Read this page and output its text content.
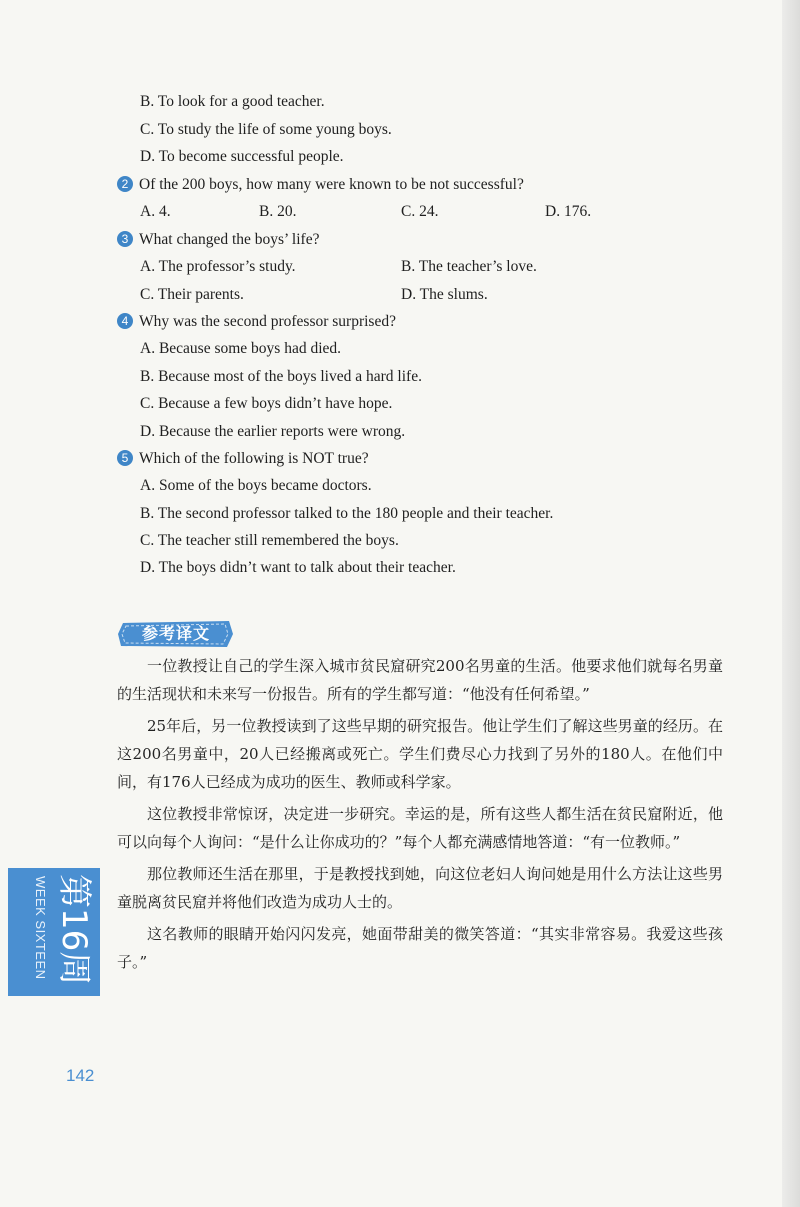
B. To look for a good teacher.
C. To study the life of some young boys.
D. To become successful people.
2 Of the 200 boys, how many were known to be not successful?
A. 4.	B. 20.	C. 24.	D. 176.
3 What changed the boys’ life?
A. The professor’s study.	B. The teacher’s love.
C. Their parents.	D. The slums.
4 Why was the second professor surprised?
A. Because some boys had died.
B. Because most of the boys lived a hard life.
C. Because a few boys didn’t have hope.
D. Because the earlier reports were wrong.
5 Which of the following is NOT true?
A. Some of the boys became doctors.
B. The second professor talked to the 180 people and their teacher.
C. The teacher still remembered the boys.
D. The boys didn’t want to talk about their teacher.
参考译文

一位教授让自己的学生深入城市贫民窟研究200名男童的生活。他要求他们就每名男童的生活现状和未来写一份报告。所有的学生都写道：“他没有任何希望。”

25年后，另一位教授读到了这些早期的研究报告。他让学生们了解这些男童的经历。在这200名男童中，20人已经搬离或死亡。学生们费尽心力找到了另外的180人。在他们中间，有176人已经成为成功的医生、教师或科学家。

这位教授非常惊讶，决定进一步研究。幸运的是，所有这些人都生活在贫民窟附近，他可以向每个人询问：“是什么让你成功的？”每个人都充满感情地答道：“有一位教师。”

那位教师还生活在那里，于是教授找到她，向这位老妇人询问她是用什么方法让这些男童脱离贫民窟并将他们改造为成功人士的。

这名教师的眼睛开始闪闪发亮，她面带甜美的微笑答道：“其实非常容易。我爱这些孩子。”

第16周
WEEK SIXTEEN
142
